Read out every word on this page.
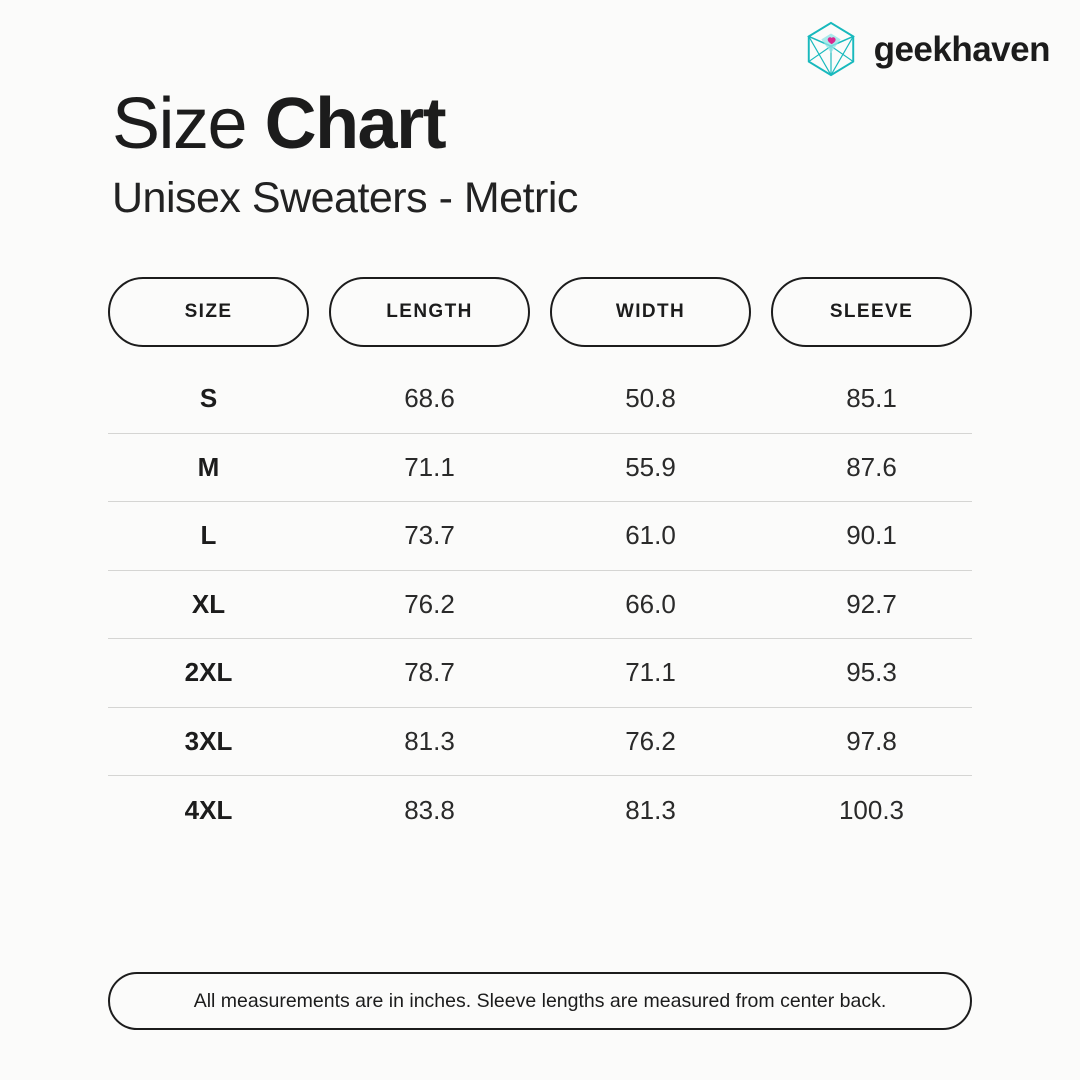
geekhaven
Size Chart
Unisex Sweaters - Metric
SIZE	LENGTH	WIDTH	SLEEVE
S	68.6	50.8	85.1
M	71.1	55.9	87.6
L	73.7	61.0	90.1
XL	76.2	66.0	92.7
2XL	78.7	71.1	95.3
3XL	81.3	76.2	97.8
4XL	83.8	81.3	100.3
All measurements are in inches. Sleeve lengths are measured from center back.
